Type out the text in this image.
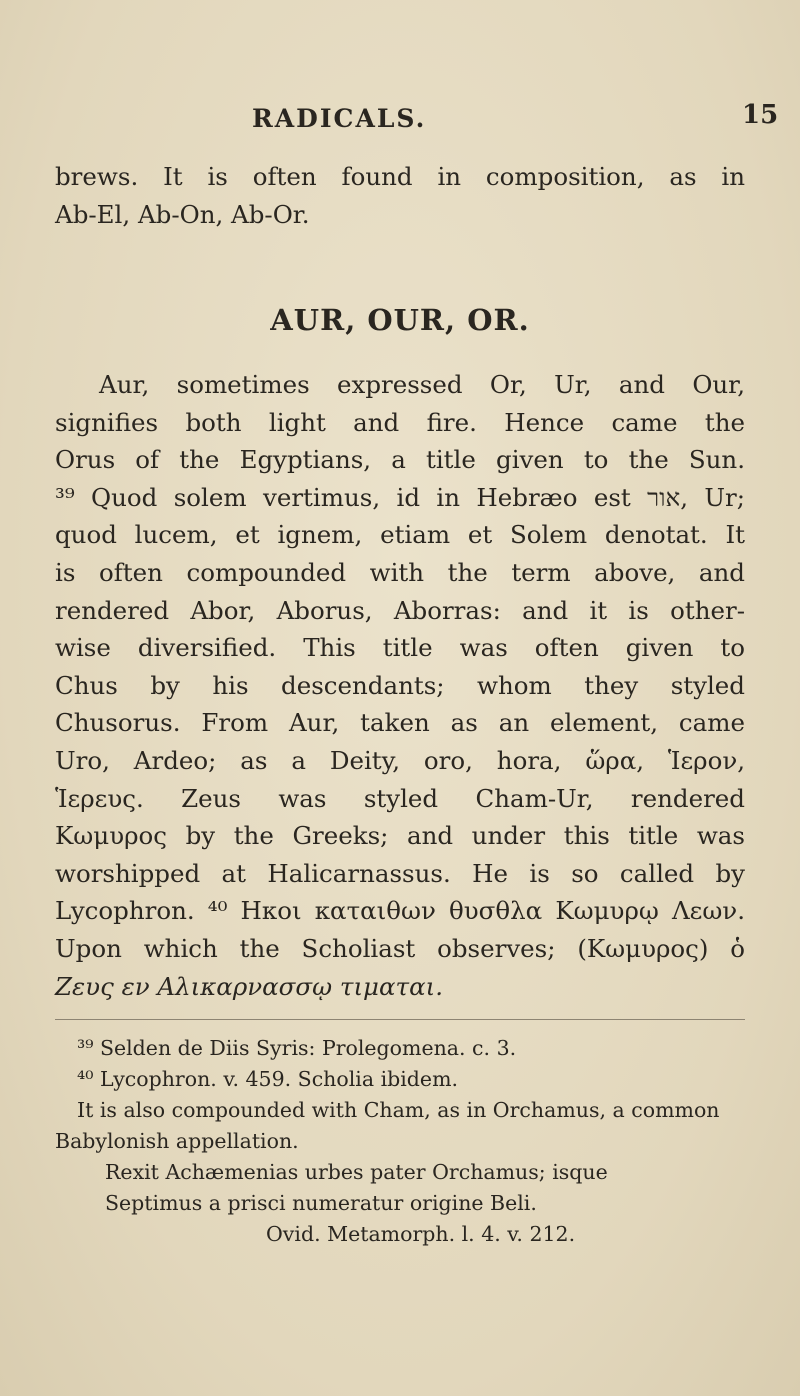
RADICALS.	15
brews. It is often found in composition, as in
Ab-El, Ab-On, Ab-Or.
AUR, OUR, OR.
Aur, sometimes expressed Or, Ur, and Our,
signifies both light and fire. Hence came the
Orus of the Egyptians, a title given to the Sun.
³⁹ Quod solem vertimus, id in Hebræo est אור, Ur;
quod lucem, et ignem, etiam et Solem denotat. It
is often compounded with the term above, and
rendered Abor, Aborus, Aborras: and it is other-
wise diversified. This title was often given to
Chus by his descendants; whom they styled
Chusorus. From Aur, taken as an element, came
Uro, Ardeo; as a Deity, oro, hora, ὥρα, Ἱερον,
Ἱερευς. Zeus was styled Cham-Ur, rendered
Κωμυρος by the Greeks; and under this title was
worshipped at Halicarnassus. He is so called by
Lycophron. ⁴⁰ Ηκοι καταιθων θυσθλα Κωμυρῳ Λεων.
Upon which the Scholiast observes; (Κωμυρος) ὁ
Ζευς εν Αλικαρνασσῳ τιμαται.
³⁹ Selden de Diis Syris: Prolegomena. c. 3.
⁴⁰ Lycophron. v. 459. Scholia ibidem.
It is also compounded with Cham, as in Orchamus, a common
Babylonish appellation.
Rexit Achæmenias urbes pater Orchamus; isque
Septimus a prisci numeratur origine Beli.
Ovid. Metamorph. l. 4. v. 212.
